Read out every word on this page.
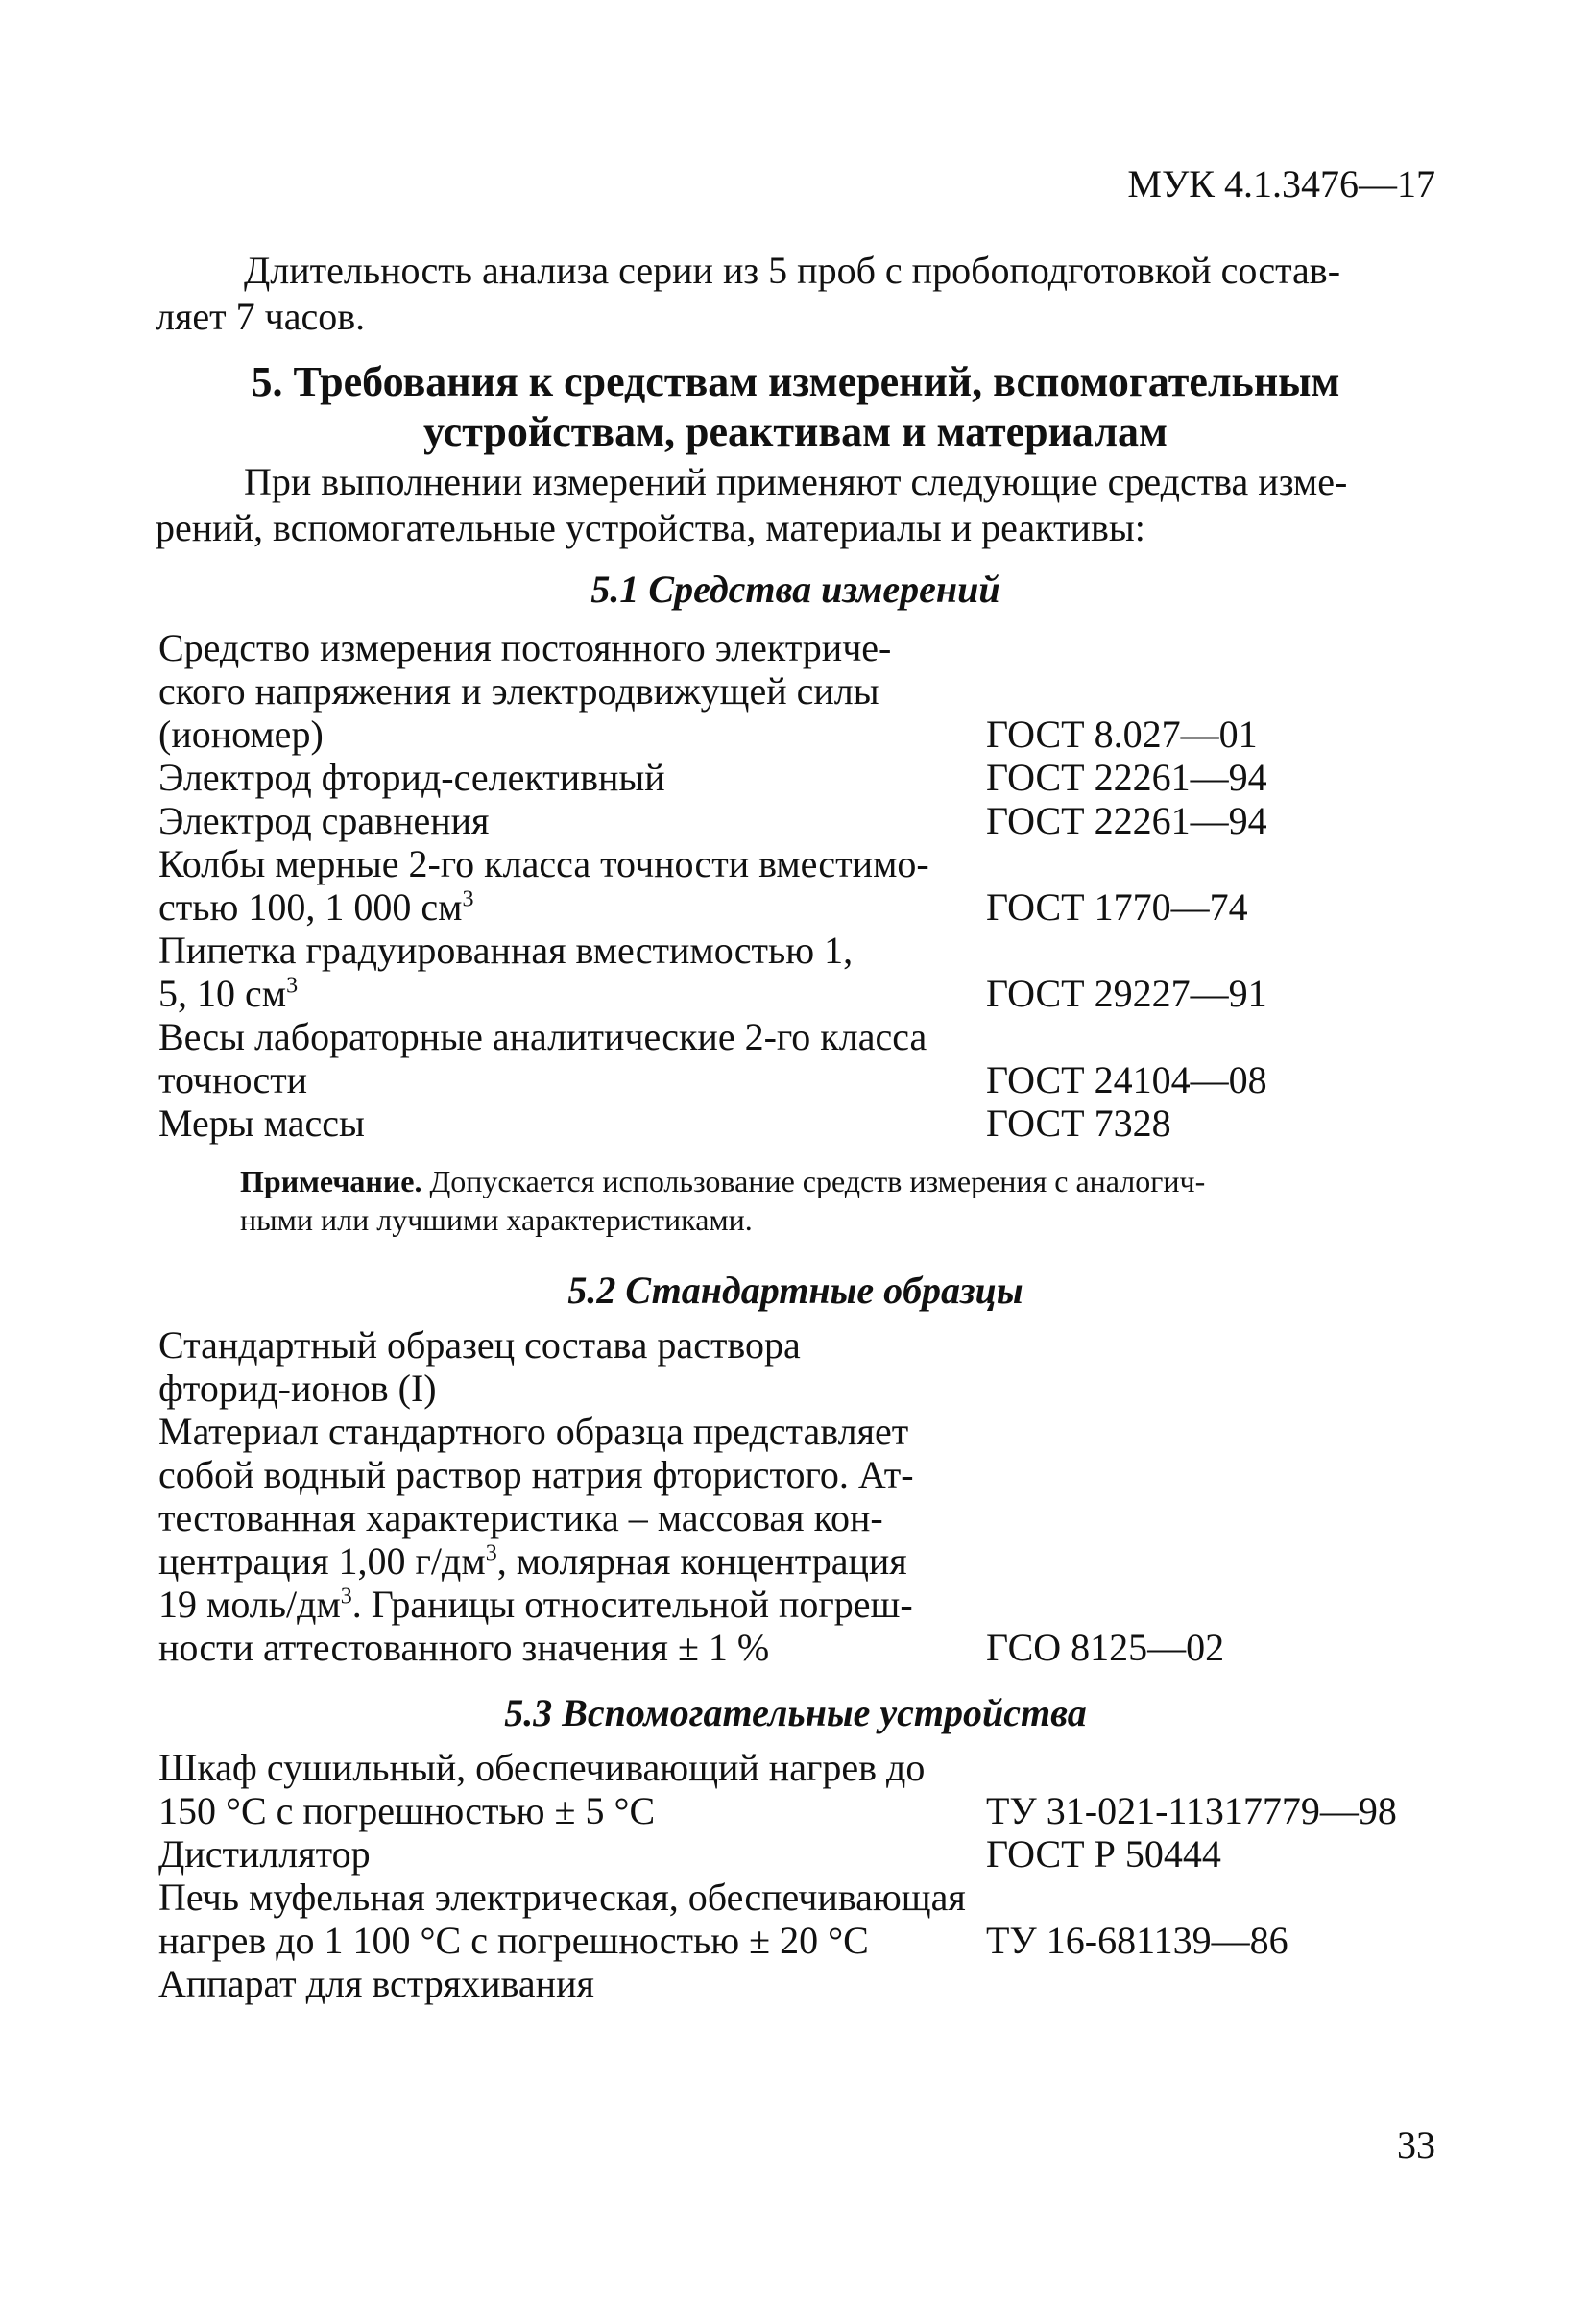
МУК 4.1.3476—17
Длительность анализа серии из 5 проб с пробоподготовкой состав-
ляет 7 часов.
5. Требования к средствам измерений, вспомогательным
устройствам, реактивам и материалам
При выполнении измерений применяют следующие средства изме-
рений, вспомогательные устройства, материалы и реактивы:
5.1 Средства измерений
Средство измерения постоянного электриче-
ского напряжения и электродвижущей силы
(иономер)	ГОСТ 8.027—01
Электрод фторид-селективный	ГОСТ 22261—94
Электрод сравнения	ГОСТ 22261—94
Колбы мерные 2-го класса точности вместимо-
стью 100, 1 000 $см^3$	ГОСТ 1770—74
Пипетка градуированная вместимостью 1,
5, 10 $см^3$	ГОСТ 29227—91
Весы лабораторные аналитические 2-го класса
точности	ГОСТ 24104—08
Меры массы	ГОСТ 7328
Примечание. Допускается использование средств измерения с аналогич-
ными или лучшими характеристиками.
5.2 Стандартные образцы
Стандартный образец состава раствора
фторид-ионов (I)
Материал стандартного образца представляет
собой водный раствор натрия фтористого. Ат-
тестованная характеристика – массовая кон-
центрация 1,00 $г/дм^3$, молярная концентрация
19 моль/$дм^3$. Границы относительной погреш-
ности аттестованного значения ± 1 %	ГСО 8125—02
5.3 Вспомогательные устройства
Шкаф сушильный, обеспечивающий нагрев до
150 °С с погрешностью ± 5 °С	ТУ 31-021-11317779—98
Дистиллятор	ГОСТ Р 50444
Печь муфельная электрическая, обеспечивающая
нагрев до 1 100 °С с погрешностью ± 20 °С	ТУ 16-681139—86
Аппарат для встряхивания
33
